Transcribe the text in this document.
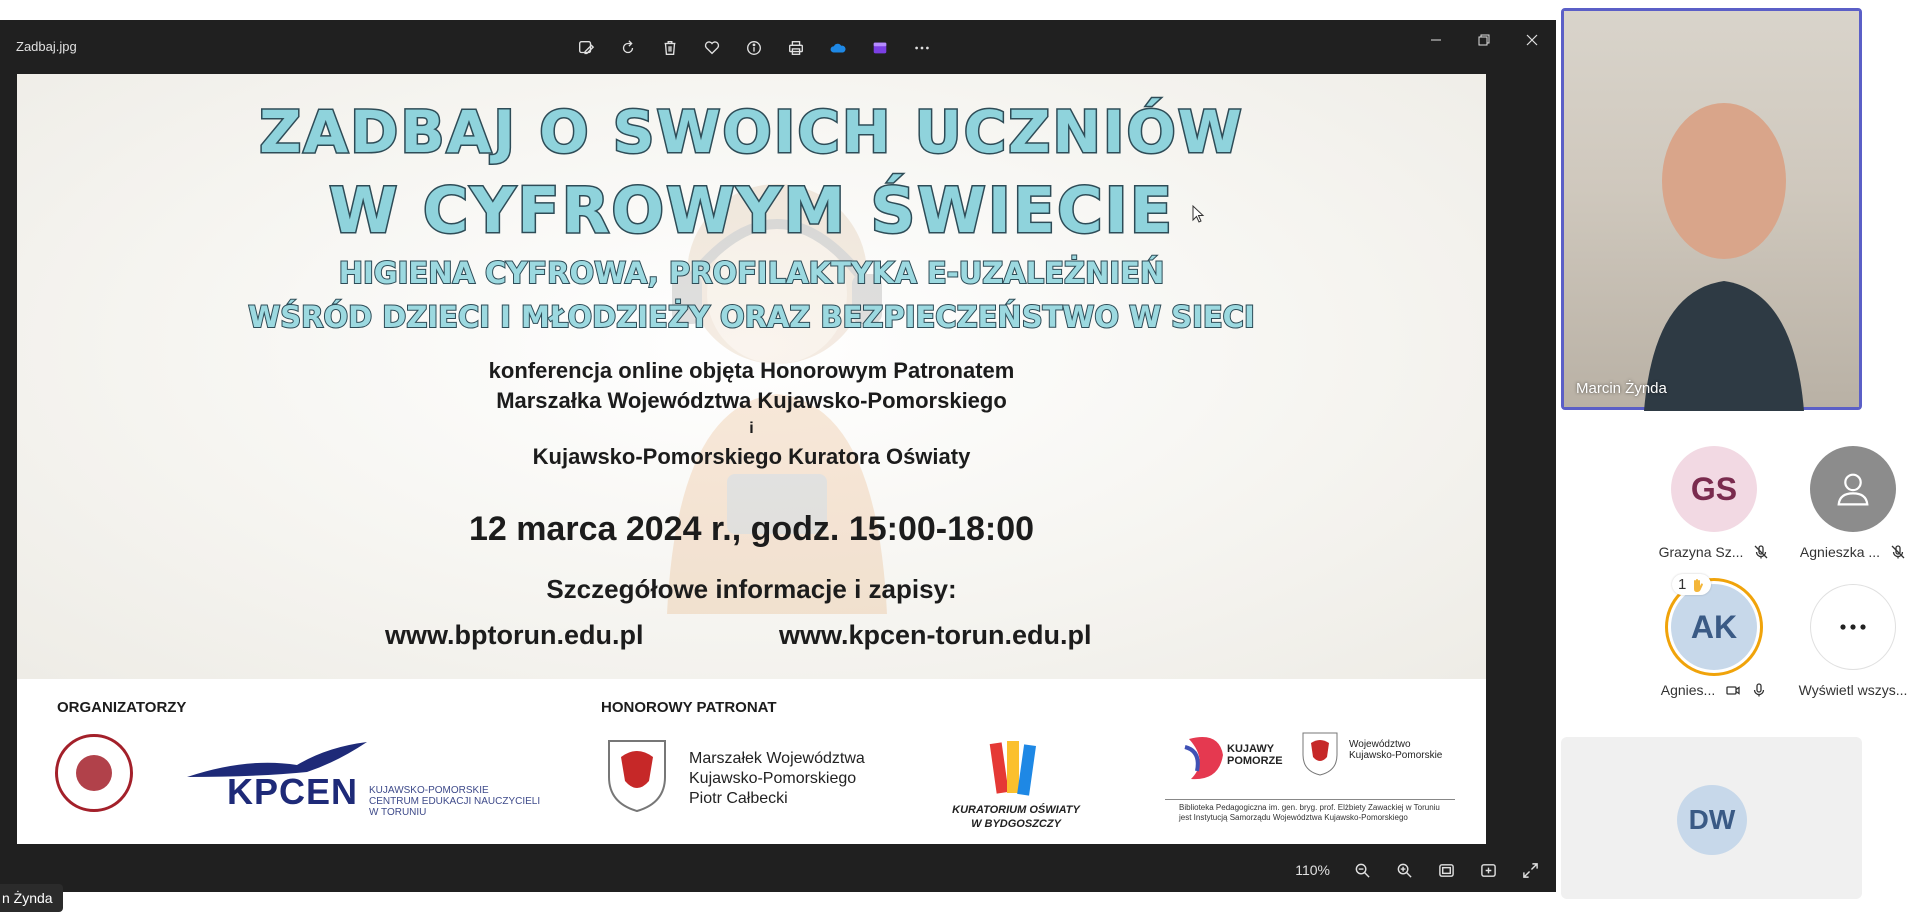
Zadbaj.jpg
ZADBAJ O SWOICH UCZNIÓW
W CYFROWYM ŚWIECIE
HIGIENA CYFROWA, PROFILAKTYKA E-UZALEŻNIEŃ
WŚRÓD DZIECI I MŁODZIEŻY ORAZ BEZPIECZEŃSTWO W SIECI
konferencja online objęta Honorowym Patronatem
Marszałka Województwa Kujawsko-Pomorskiego
i
Kujawsko-Pomorskiego Kuratora Oświaty
12 marca 2024 r., godz. 15:00-18:00
Szczegółowe informacje i zapisy:
www.bptorun.edu.pl	www.kpcen-torun.edu.pl
ORGANIZATORZY	HONOROWY PATRONAT
KPCEN KUJAWSKO-POMORSKIE
CENTRUM EDUKACJI NAUCZYCIELI
W TORUNIU
Marszałek Województwa
Kujawsko-Pomorskiego
Piotr Całbecki
KURATORIUM OŚWIATY
W BYDGOSZCZY
KUJAWY
POMORZE
Województwo
Kujawsko-Pomorskie
Biblioteka Pedagogiczna im. gen. bryg. prof. Elżbiety Zawackiej w Toruniu
jest Instytucją Samorządu Województwa Kujawsko-Pomorskiego
110%
n Żynda
Marcin Żynda
GS
Grazyna Sz...	Agnieszka ...
AK
1
Agnies...	Wyświetl wszys...
DW
